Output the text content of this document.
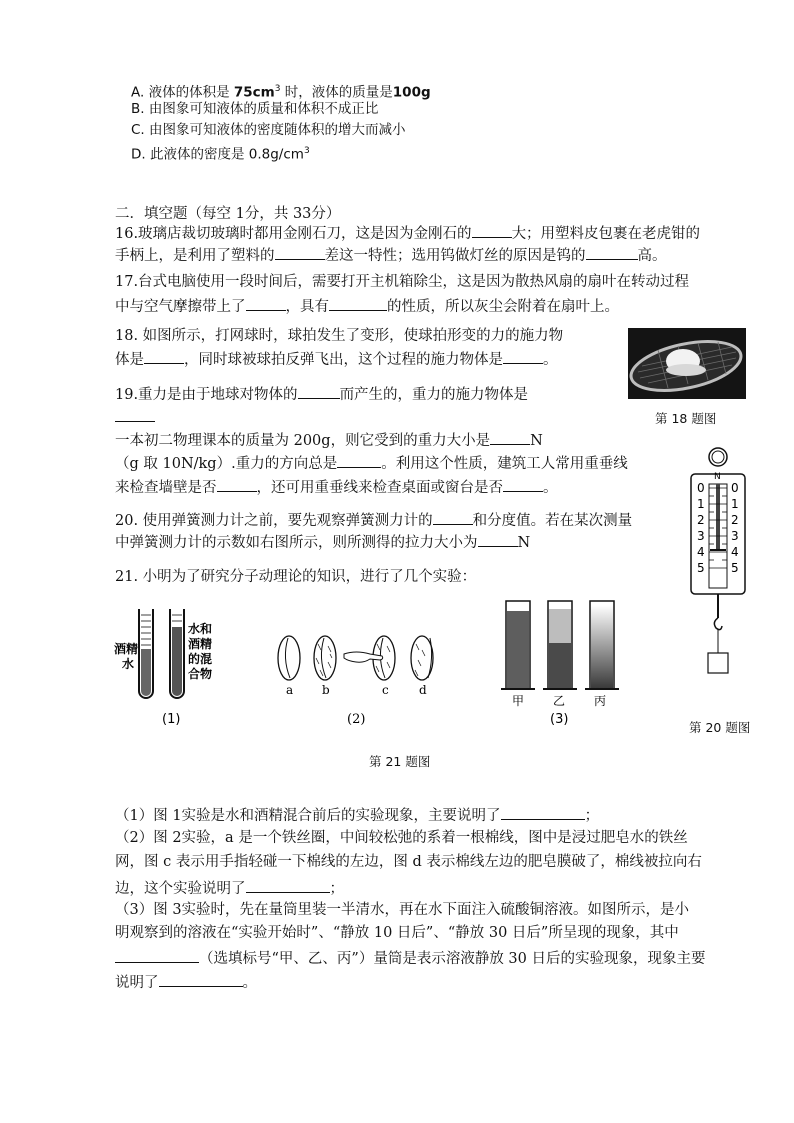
A. 液体的体积是 $75cm^3$ 时，液体的质量是100g
B. 由图象可知液体的质量和体积不成正比
C. 由图象可知液体的密度随体积的增大而减小
D. 此液体的密度是 $0.8g/cm^3$
二．填空题（每空 1分，共 33分）
16.玻璃店裁切玻璃时都用金刚石刀，这是因为金刚石的	大；用塑料皮包裹在老虎钳的
手柄上，是利用了塑料的	差这一特性；选用钨做灯丝的原因是钨的	高。
17.台式电脑使用一段时间后，需要打开主机箱除尘，这是因为散热风扇的扇叶在转动过程
中与空气摩擦带上了	，具有	的性质，所以灰尘会附着在扇叶上。
18. 如图所示，打网球时，球拍发生了变形，使球拍形变的力的施力物
体是	，同时球被球拍反弹飞出，这个过程的施力物体是	。
第 18 题图
19.重力是由于地球对物体的	而产生的，重力的施力物体是
一本初二物理课本的质量为 200g，则它受到的重力大小是	N
（g 取 10N/kg）.重力的方向总是	。利用这个性质，建筑工人常用重垂线
来检查墙壁是否	，还可用重垂线来检查桌面或窗台是否	。
20. 使用弹簧测力计之前，要先观察弹簧测力计的	和分度值。若在某次测量
中弹簧测力计的示数如右图所示，则所测得的拉力大小为	N
N
0
1
2
3
4
5
0
1
2
3
4
5
第 20 题图
21. 小明为了研究分子动理论的知识，进行了几个实验：
酒精
水
水和
酒精
的混
合物
(1)
a b	c	d
(2)
甲 乙 丙
(3)
第 21 题图
（1）图 1实验是水和酒精混合前后的实验现象，主要说明了	；
（2）图 2实验，a 是一个铁丝圈，中间较松弛的系着一根棉线，图中是浸过肥皂水的铁丝
网，图 c 表示用手指轻碰一下棉线的左边，图 d 表示棉线左边的肥皂膜破了，棉线被拉向右
边，这个实验说明了	；
（3）图 3实验时，先在量筒里装一半清水，再在水下面注入硫酸铜溶液。如图所示，是小
明观察到的溶液在“实验开始时”、“静放 10 日后”、“静放 30 日后”所呈现的现象，其中
（选填标号“甲、乙、丙”）量筒是表示溶液静放 30 日后的实验现象，现象主要
说明了	。
